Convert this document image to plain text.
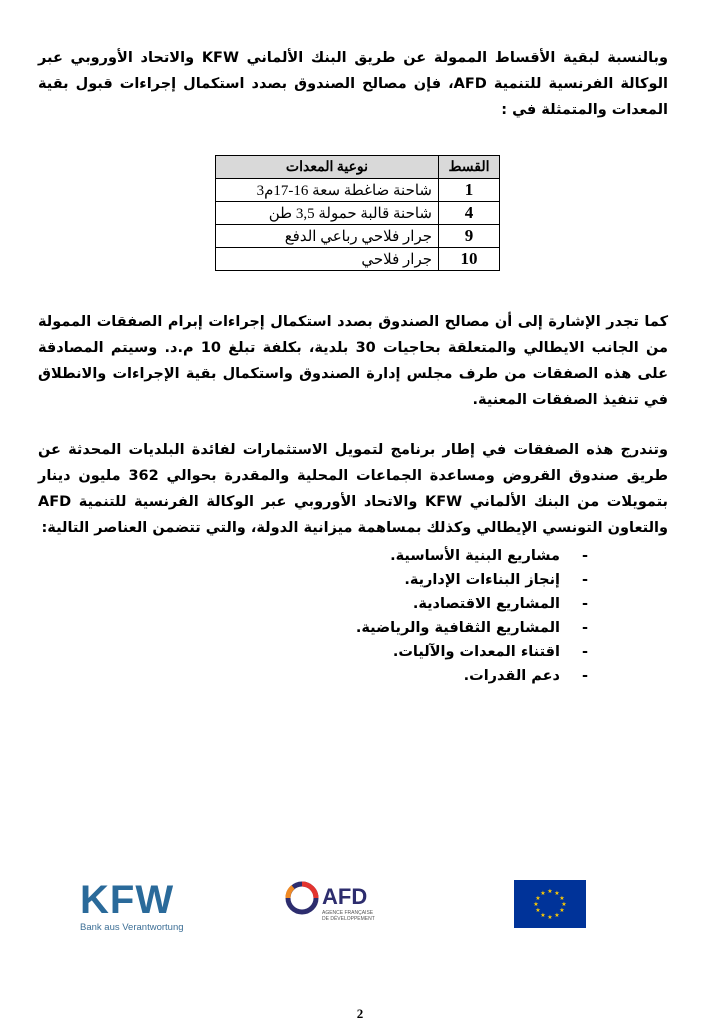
وبالنسبة لبقية الأقساط الممولة عن طريق البنك الألماني KFW والاتحاد الأوروبي عبر الوكالة الفرنسية للتنمية AFD، فإن مصالح الصندوق بصدد استكمال إجراءات قبول بقية المعدات والمتمثلة في :

القسط	نوعية المعدات
1	شاحنة ضاغطة سعة 16-17م3
4	شاحنة قالبة حمولة 3,5 طن
9	جرار فلاحي رباعي الدفع
10	جرار فلاحي

كما تجدر الإشارة إلى أن مصالح الصندوق بصدد استكمال إجراءات إبرام الصفقات الممولة من الجانب الايطالي والمتعلقة بحاجيات 30 بلدية، بكلفة تبلغ 10 م.د. وسيتم المصادقة على هذه الصفقات من طرف مجلس إدارة الصندوق واستكمال بقية الإجراءات والانطلاق في تنفيذ الصفقات المعنية.

وتندرج هذه الصفقات في إطار برنامج لتمويل الاستثمارات لفائدة البلديات المحدثة عن طريق صندوق القروض ومساعدة الجماعات المحلية والمقدرة بحوالي 362 مليون دينار بتمويلات من البنك الألماني KFW والاتحاد الأوروبي عبر الوكالة الفرنسية للتنمية AFD والتعاون التونسي الإيطالي وكذلك بمساهمة ميزانية الدولة، والتي تتضمن العناصر التالية:

-
مشاريع البنية الأساسية.
-
إنجاز البناءات الإدارية.
-
المشاريع الاقتصادية.
-
المشاريع الثقافية والرياضية.
-
اقتناء المعدات والآليات.
-
دعم القدرات.
KFW
Bank aus Verantwortung
AFD
AGENCE FRANÇAISE DE DÉVELOPPEMENT
★ ★
★
★
★
★
★
★
★
★
★
★
2
